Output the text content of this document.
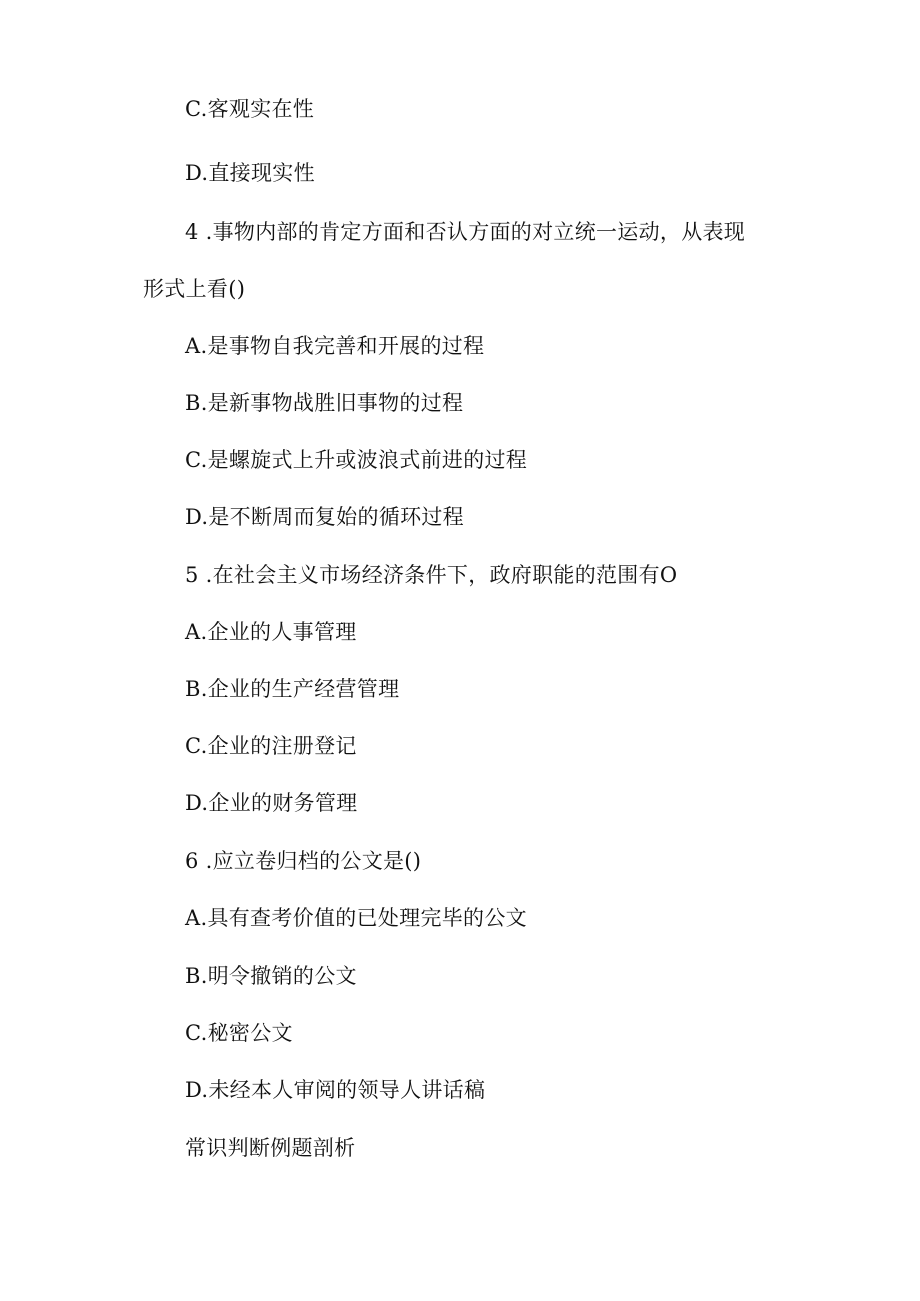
C.客观实在性
D.直接现实性
4 .事物内部的肯定方面和否认方面的对立统一运动，从表现
形式上看()
A.是事物自我完善和开展的过程
B.是新事物战胜旧事物的过程
C.是螺旋式上升或波浪式前进的过程
D.是不断周而复始的循环过程
5 .在社会主义市场经济条件下，政府职能的范围有O
A.企业的人事管理
B.企业的生产经营管理
C.企业的注册登记
D.企业的财务管理
6 .应立卷归档的公文是()
A.具有查考价值的已处理完毕的公文
B.明令撤销的公文
C.秘密公文
D.未经本人审阅的领导人讲话稿
常识判断例题剖析
